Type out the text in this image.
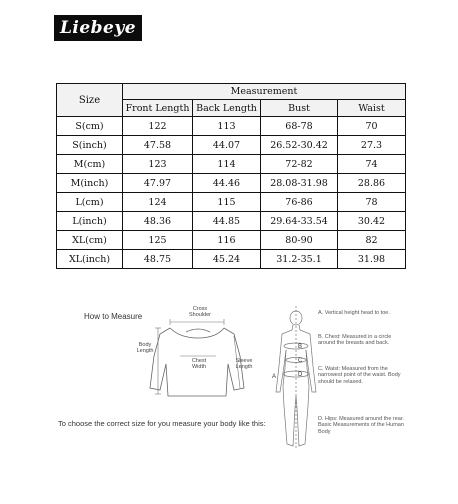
Liebeye
Size	Measurement			
	Front Length	Back Length	Bust	Waist
S(cm)	122	113	68-78	70
S(inch)	47.58	44.07	26.52-30.42	27.3
M(cm)	123	114	72-82	74
M(inch)	47.97	44.46	28.08-31.98	28.86
L(cm)	124	115	76-86	78
L(inch)	48.36	44.85	29.64-33.54	30.42
XL(cm)	125	116	80-90	82
XL(inch)	48.75	45.24	31.2-35.1	31.98
How to Measure
A
B
C
D
Cross Shoulder
Body Length
Chest Width
Sleeve Length
To choose the correct size for you measure your body like this:
A. Vertical height head to toe.
B. Chest: Measured in a circle around the breasts and back.
C. Waist: Measured from the narrowest point of the waist. Body should be relaxed.
D. Hips: Measured around the rear. Basic Measurements of the Human Body
